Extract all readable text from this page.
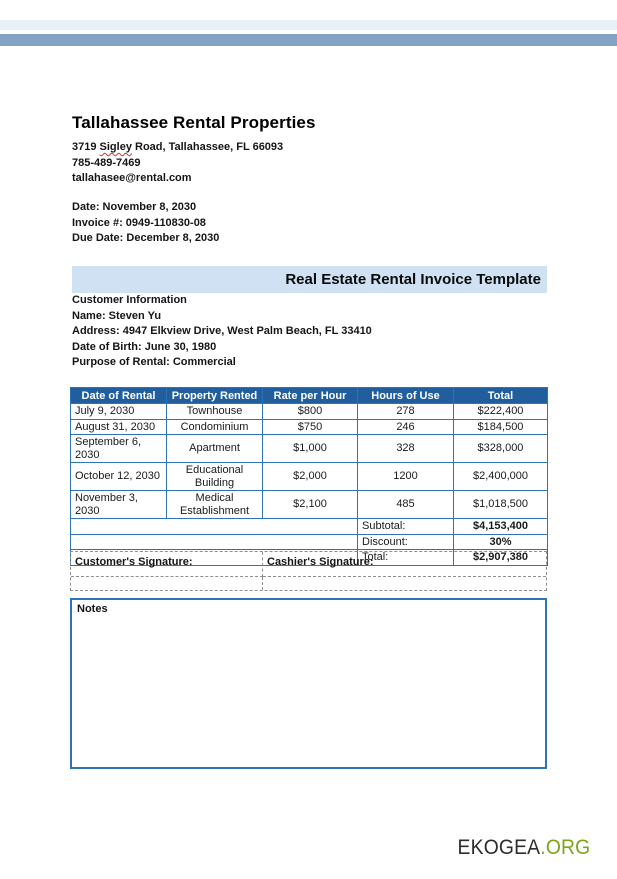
Tallahassee Rental Properties
3719 Sigley Road, Tallahassee, FL 66093
785-489-7469
tallahasee@rental.com
Date: November 8, 2030
Invoice #: 0949-110830-08
Due Date: December 8, 2030
Real Estate Rental Invoice Template
Customer Information
Name: Steven Yu
Address: 4947 Elkview Drive, West Palm Beach, FL 33410
Date of Birth: June 30, 1980
Purpose of Rental: Commercial
Date of Rental	Property Rented	Rate per Hour	Hours of Use	Total
July 9, 2030	Townhouse	$800	278	$222,400
August 31, 2030	Condominium	$750	246	$184,500
September 6, 2030	Apartment	$1,000	328	$328,000
October 12, 2030	Educational Building	$2,000	1200	$2,400,000
November 3, 2030	Medical Establishment	$2,100	485	$1,018,500
			Subtotal:	$4,153,400
			Discount:	30%
			Total:	$2,907,380
Customer's Signature:	Cashier's Signature:
Notes
EKOGEA.ORG
